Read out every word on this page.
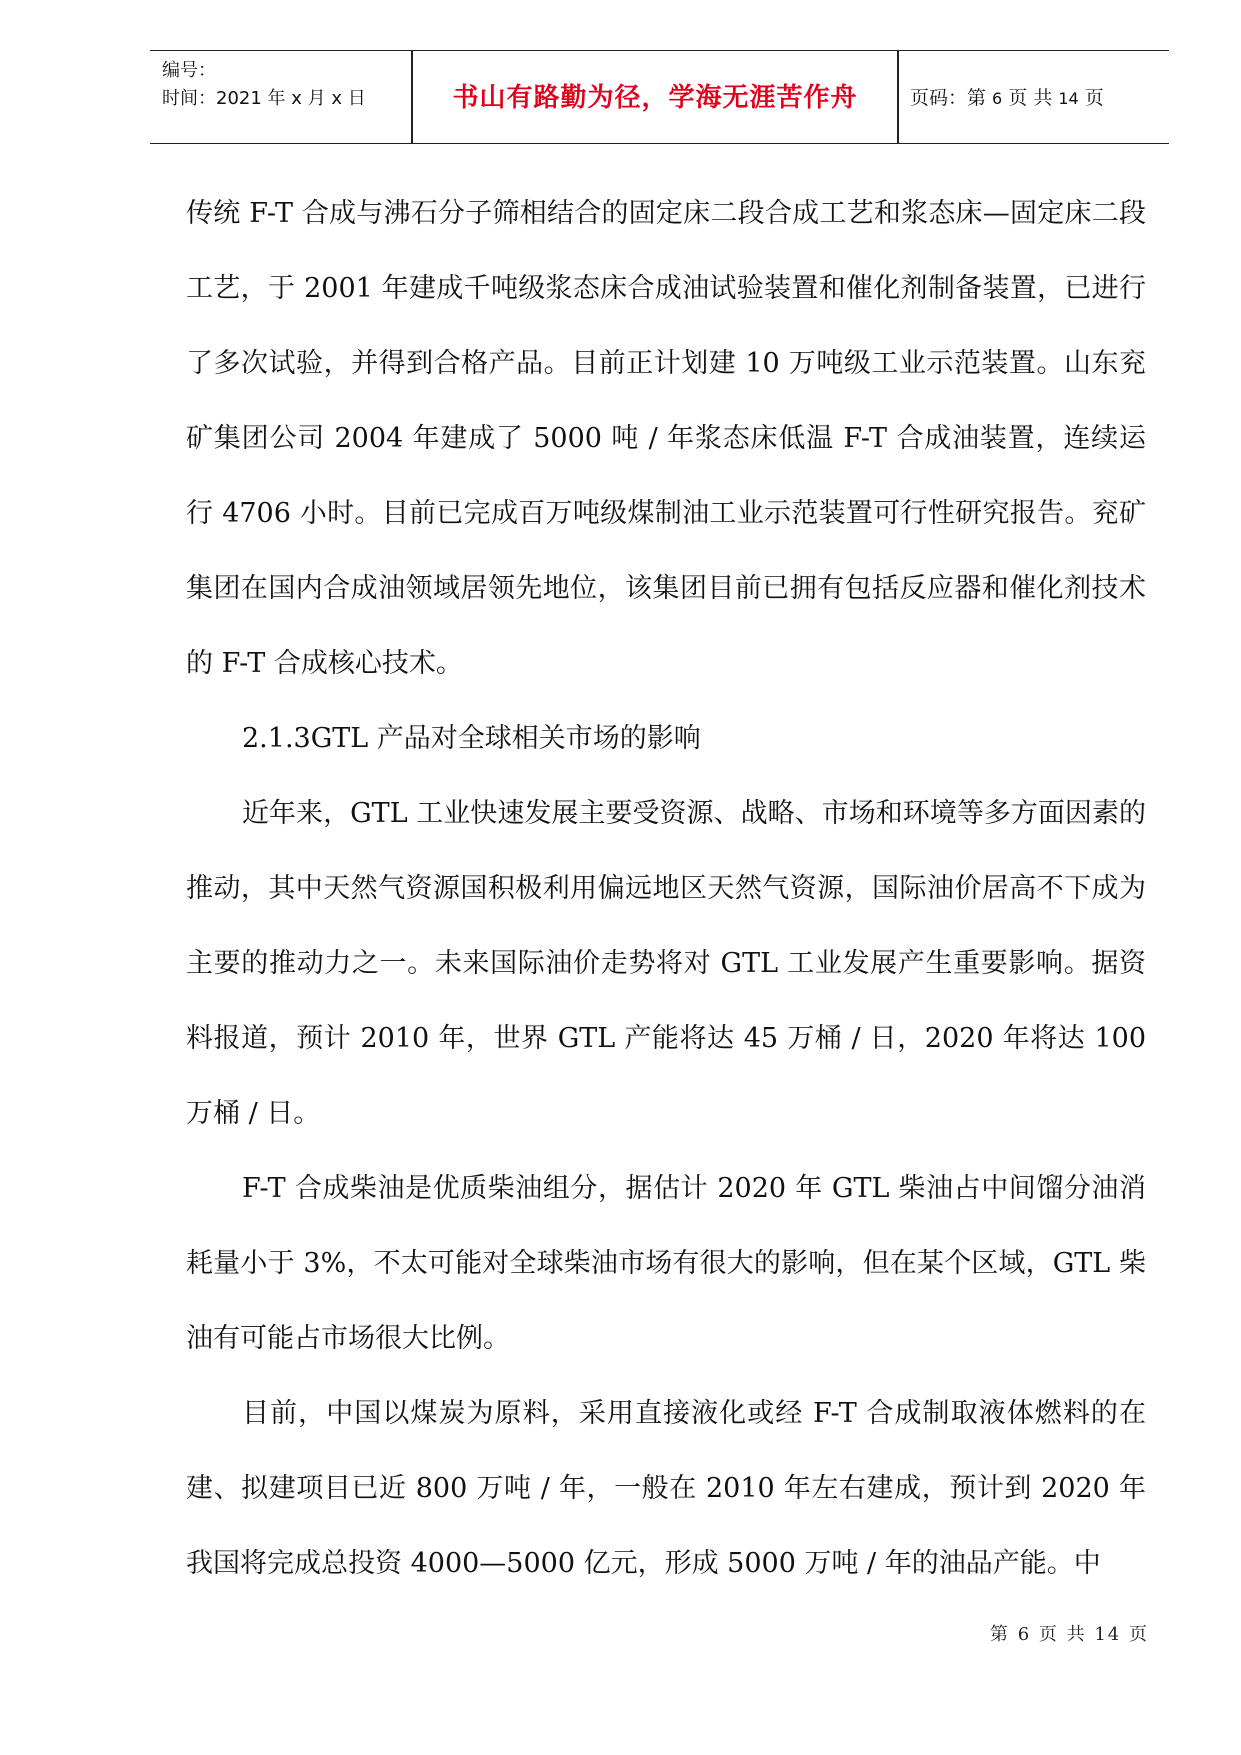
编号：
时间：2021 年 x 月 x 日	书山有路勤为径，学海无涯苦作舟	页码：第 6 页 共 14 页

传统 F-T 合成与沸石分子筛相结合的固定床二段合成工艺和浆态床—固定床二段工艺，于 2001 年建成千吨级浆态床合成油试验装置和催化剂制备装置，已进行了多次试验，并得到合格产品。目前正计划建 10 万吨级工业示范装置。山东兖矿集团公司 2004 年建成了 5000 吨 / 年浆态床低温 F-T 合成油装置，连续运行 4706 小时。目前已完成百万吨级煤制油工业示范装置可行性研究报告。兖矿集团在国内合成油领域居领先地位，该集团目前已拥有包括反应器和催化剂技术的 F-T 合成核心技术。

2.1.3GTL 产品对全球相关市场的影响

近年来，GTL 工业快速发展主要受资源、战略、市场和环境等多方面因素的推动，其中天然气资源国积极利用偏远地区天然气资源，国际油价居高不下成为主要的推动力之一。未来国际油价走势将对 GTL 工业发展产生重要影响。据资料报道，预计 2010 年，世界 GTL 产能将达 45 万桶 / 日，2020 年将达 100 万桶 / 日。

F-T 合成柴油是优质柴油组分，据估计 2020 年 GTL 柴油占中间馏分油消耗量小于 3%，不太可能对全球柴油市场有很大的影响，但在某个区域，GTL 柴油有可能占市场很大比例。

目前，中国以煤炭为原料，采用直接液化或经 F-T 合成制取液体燃料的在建、拟建项目已近 800 万吨 / 年，一般在 2010 年左右建成，预计到 2020 年我国将完成总投资 4000—5000 亿元，形成 5000 万吨 / 年的油品产能。中

第 6 页 共 14 页
